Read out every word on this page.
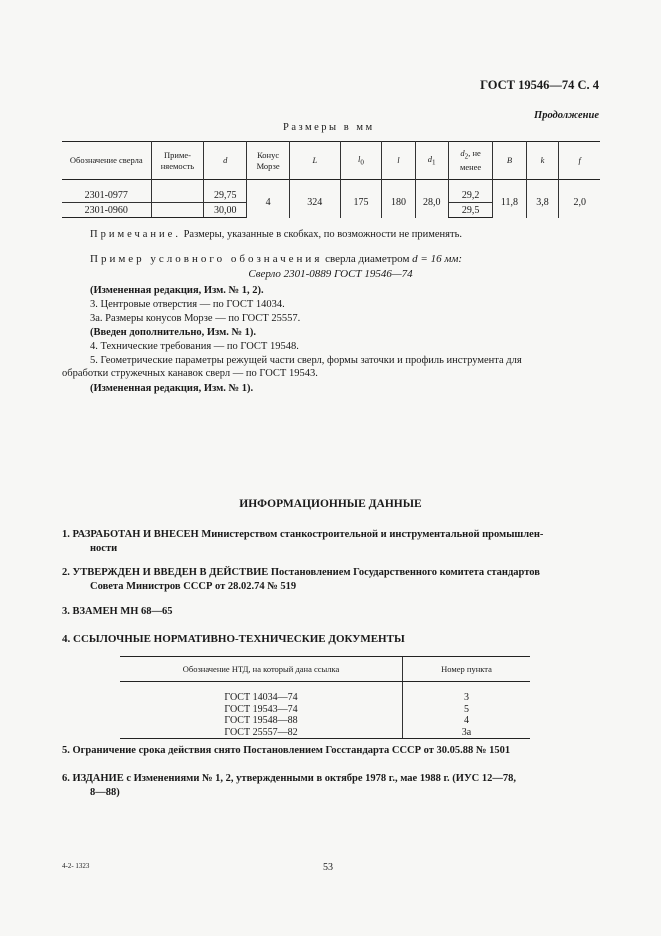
ГОСТ 19546—74 С. 4
Продолжение
Размеры в мм
Обозначение сверла	Приме-няемость	d	Конус Морзе	L	$l_0$	l	$d_1$	$d_2$, не менее	B	k	f

2301-0977		29,75	4	324	175	180	28,0	29,2	11,8	3,8	2,0
2301-0960		30,00						29,5			
Примечание. Размеры, указанные в скобках, по возможности не применять.
Пример условного обозначения сверла диаметром d = 16 мм:
Сверло 2301-0889 ГОСТ 19546—74
(Измененная редакция, Изм. № 1, 2).
3. Центровые отверстия — по ГОСТ 14034.
3а. Размеры конусов Морзе — по ГОСТ 25557.
(Введен дополнительно, Изм. № 1).
4. Технические требования — по ГОСТ 19548.
5. Геометрические параметры режущей части сверл, формы заточки и профиль инструмента для
обработки стружечных канавок сверл — по ГОСТ 19543.
(Измененная редакция, Изм. № 1).
ИНФОРМАЦИОННЫЕ ДАННЫЕ
1. РАЗРАБОТАН И ВНЕСЕН Министерством станкостроительной и инструментальной промышлен-
ности
2. УТВЕРЖДЕН И ВВЕДЕН В ДЕЙСТВИЕ Постановлением Государственного комитета стандартов
Совета Министров СССР от 28.02.74 № 519
3. ВЗАМЕН МН 68—65
4. ССЫЛОЧНЫЕ НОРМАТИВНО-ТЕХНИЧЕСКИЕ ДОКУМЕНТЫ
Обозначение НТД, на который дана ссылка	Номер пункта

ГОСТ 14034—74	3
ГОСТ 19543—74	5
ГОСТ 19548—88	4
ГОСТ 25557—82	3а
5. Ограничение срока действия снято Постановлением Госстандарта СССР от 30.05.88 № 1501
6. ИЗДАНИЕ с Изменениями № 1, 2, утвержденными в октябре 1978 г., мае 1988 г. (ИУС 12—78,
8—88)
4-2- 1323	53
